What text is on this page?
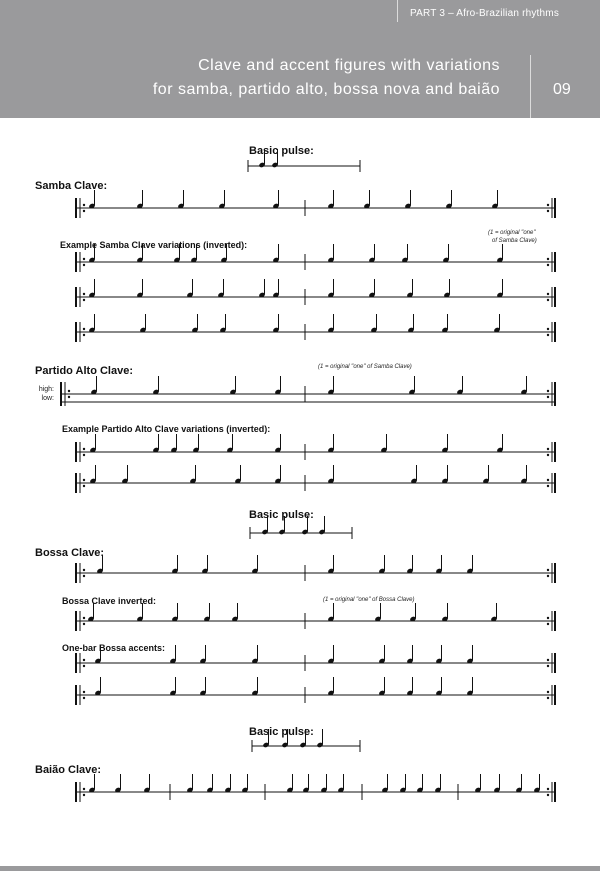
PART 3 – Afro-Brazilian rhythms
Clave and accent figures with variations
for samba, partido alto, bossa nova and baião	09
Basic pulse:
Samba Clave:
Example Samba Clave variations (inverted):
(1 = original "one"
of Samba Clave)
Partido Alto Clave:	(1 = original "one" of Samba Clave)
high:
low:
Example Partido Alto Clave variations (inverted):
Basic pulse:
Bossa Clave:
Bossa Clave inverted:	(1 = original "one" of Bossa Clave)
One-bar Bossa accents:
Basic pulse:
Baião Clave:
